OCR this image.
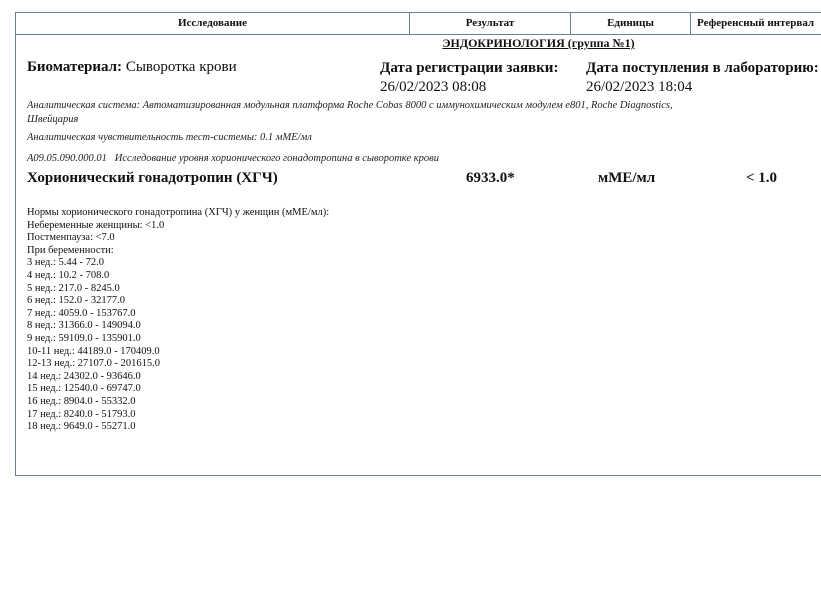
Исследование	Результат	Единицы	Референсный интервал
ЭНДОКРИНОЛОГИЯ (группа №1)
Биоматериал: Сыворотка крови	Дата регистрации заявки:
26/02/2023 08:08
Дата поступления в лабораторию:
26/02/2023 18:04
Аналитическая система: Автоматизированная модульная платформа Roche Cobas 8000 с иммунохимическим модулем e801, Roche Diagnostics,
Швейцария
Аналитическая чувствительность тест-системы: 0.1 мМЕ/мл
A09.05.090.000.01 Исследование уровня хорионического гонадотропина в сыворотке крови
Хорионический гонадотропин (ХГЧ)	6933.0*	мМЕ/мл	< 1.0
Нормы хорионического гонадотропина (ХГЧ) у женщин (мМЕ/мл):
Небеременные женщины: <1.0
Постменпауза: <7.0
При беременности:
3 нед.: 5.44 - 72.0
4 нед.: 10.2 - 708.0
5 нед.: 217.0 - 8245.0
6 нед.: 152.0 - 32177.0
7 нед.: 4059.0 - 153767.0
8 нед.: 31366.0 - 149094.0
9 нед.: 59109.0 - 135901.0
10-11 нед.: 44189.0 - 170409.0
12-13 нед.: 27107.0 - 201615.0
14 нед.: 24302.0 - 93646.0
15 нед.: 12540.0 - 69747.0
16 нед.: 8904.0 - 55332.0
17 нед.: 8240.0 - 51793.0
18 нед.: 9649.0 - 55271.0
